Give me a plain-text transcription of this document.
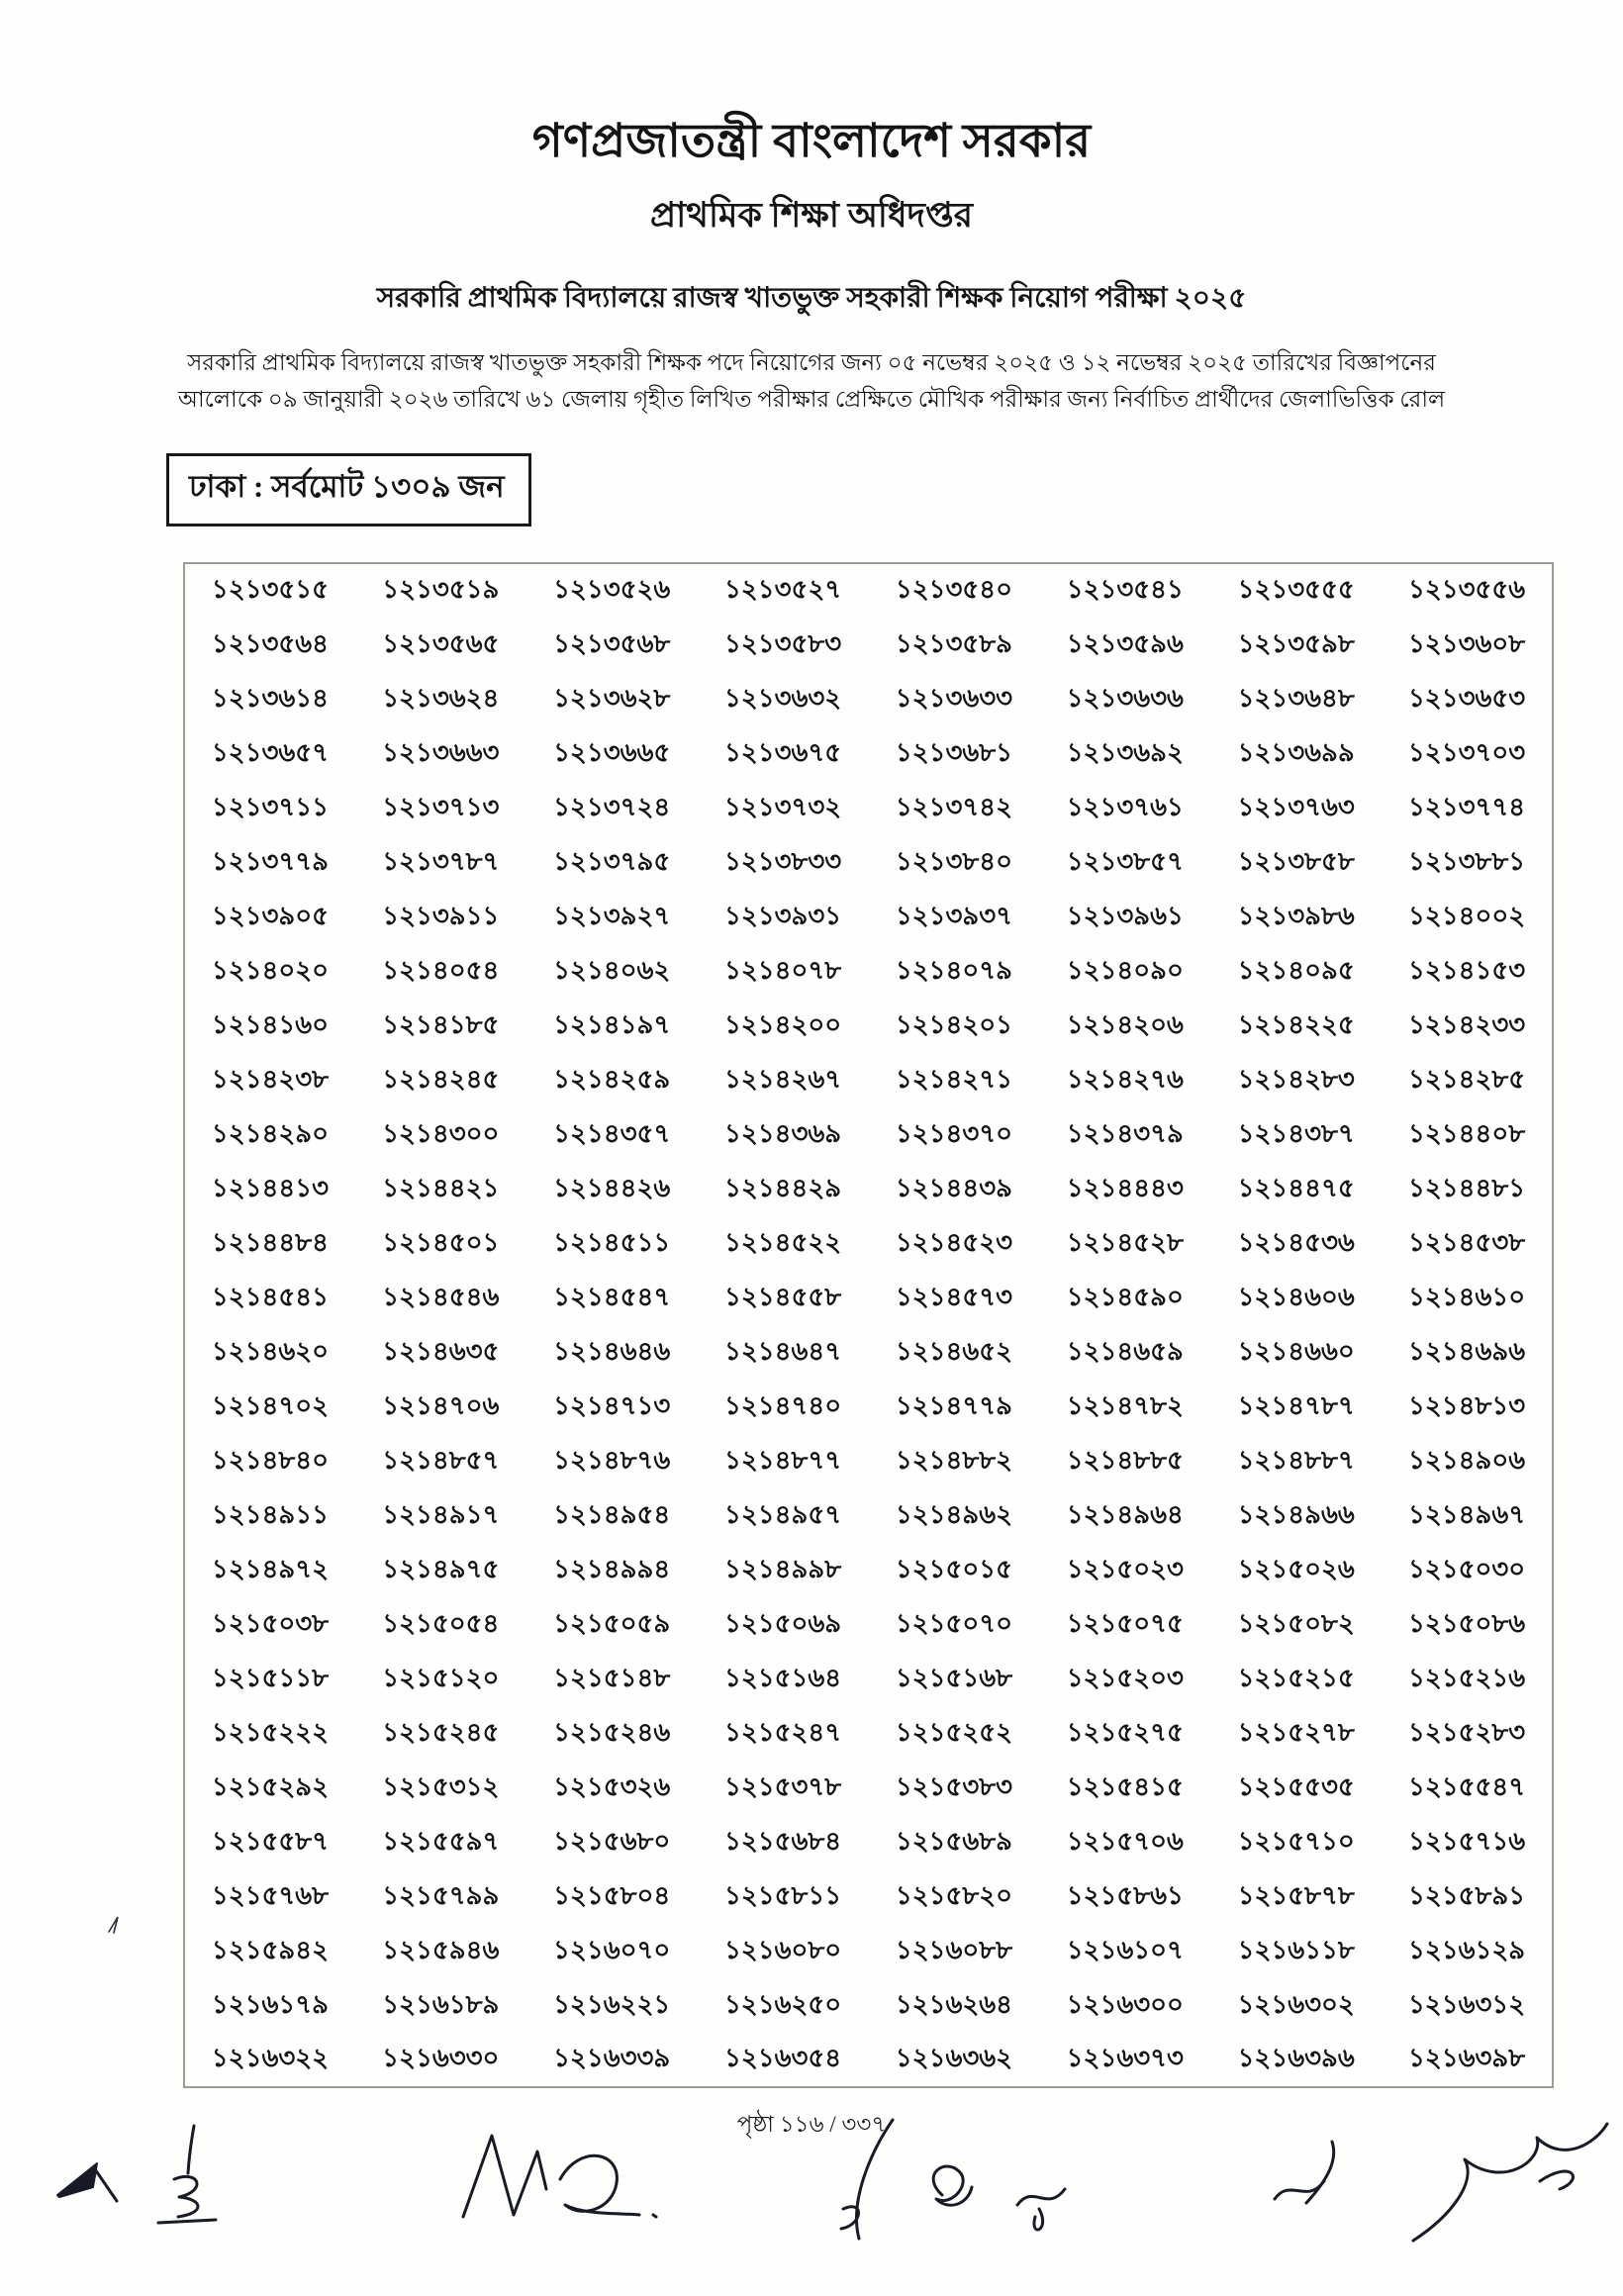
গণপ্রজাতন্ত্রী বাংলাদেশ সরকার
প্রাথমিক শিক্ষা অধিদপ্তর
সরকারি প্রাথমিক বিদ্যালয়ে রাজস্ব খাতভুক্ত সহকারী শিক্ষক নিয়োগ পরীক্ষা ২০২৫

সরকারি প্রাথমিক বিদ্যালয়ে রাজস্ব খাতভুক্ত সহকারী শিক্ষক পদে নিয়োগের জন্য ০৫ নভেম্বর ২০২৫ ও ১২ নভেম্বর ২০২৫ তারিখের বিজ্ঞাপনের
আলোকে ০৯ জানুয়ারী ২০২৬ তারিখে ৬১ জেলায় গৃহীত লিখিত পরীক্ষার প্রেক্ষিতে মৌখিক পরীক্ষার জন্য নির্বাচিত প্রার্থীদের জেলাভিত্তিক রোল

ঢাকা : সর্বমোট ১৩০৯ জন
১২১৩৫১৫	১২১৩৫১৯	১২১৩৫২৬	১২১৩৫২৭	১২১৩৫৪০	১২১৩৫৪১	১২১৩৫৫৫	১২১৩৫৫৬
১২১৩৫৬৪	১২১৩৫৬৫	১২১৩৫৬৮	১২১৩৫৮৩	১২১৩৫৮৯	১২১৩৫৯৬	১২১৩৫৯৮	১২১৩৬০৮
১২১৩৬১৪	১২১৩৬২৪	১২১৩৬২৮	১২১৩৬৩২	১২১৩৬৩৩	১২১৩৬৩৬	১২১৩৬৪৮	১২১৩৬৫৩
১২১৩৬৫৭	১২১৩৬৬৩	১২১৩৬৬৫	১২১৩৬৭৫	১২১৩৬৮১	১২১৩৬৯২	১২১৩৬৯৯	১২১৩৭০৩
১২১৩৭১১	১২১৩৭১৩	১২১৩৭২৪	১২১৩৭৩২	১২১৩৭৪২	১২১৩৭৬১	১২১৩৭৬৩	১২১৩৭৭৪
১২১৩৭৭৯	১২১৩৭৮৭	১২১৩৭৯৫	১২১৩৮৩৩	১২১৩৮৪০	১২১৩৮৫৭	১২১৩৮৫৮	১২১৩৮৮১
১২১৩৯০৫	১২১৩৯১১	১২১৩৯২৭	১২১৩৯৩১	১২১৩৯৩৭	১২১৩৯৬১	১২১৩৯৮৬	১২১৪০০২
১২১৪০২০	১২১৪০৫৪	১২১৪০৬২	১২১৪০৭৮	১২১৪০৭৯	১২১৪০৯০	১২১৪০৯৫	১২১৪১৫৩
১২১৪১৬০	১২১৪১৮৫	১২১৪১৯৭	১২১৪২০০	১২১৪২০১	১২১৪২০৬	১২১৪২২৫	১২১৪২৩৩
১২১৪২৩৮	১২১৪২৪৫	১২১৪২৫৯	১২১৪২৬৭	১২১৪২৭১	১২১৪২৭৬	১২১৪২৮৩	১২১৪২৮৫
১২১৪২৯০	১২১৪৩০০	১২১৪৩৫৭	১২১৪৩৬৯	১২১৪৩৭০	১২১৪৩৭৯	১২১৪৩৮৭	১২১৪৪০৮
১২১৪৪১৩	১২১৪৪২১	১২১৪৪২৬	১২১৪৪২৯	১২১৪৪৩৯	১২১৪৪৪৩	১২১৪৪৭৫	১২১৪৪৮১
১২১৪৪৮৪	১২১৪৫০১	১২১৪৫১১	১২১৪৫২২	১২১৪৫২৩	১২১৪৫২৮	১২১৪৫৩৬	১২১৪৫৩৮
১২১৪৫৪১	১২১৪৫৪৬	১২১৪৫৪৭	১২১৪৫৫৮	১২১৪৫৭৩	১২১৪৫৯০	১২১৪৬০৬	১২১৪৬১০
১২১৪৬২০	১২১৪৬৩৫	১২১৪৬৪৬	১২১৪৬৪৭	১২১৪৬৫২	১২১৪৬৫৯	১২১৪৬৬০	১২১৪৬৯৬
১২১৪৭০২	১২১৪৭০৬	১২১৪৭১৩	১২১৪৭৪০	১২১৪৭৭৯	১২১৪৭৮২	১২১৪৭৮৭	১২১৪৮১৩
১২১৪৮৪০	১২১৪৮৫৭	১২১৪৮৭৬	১২১৪৮৭৭	১২১৪৮৮২	১২১৪৮৮৫	১২১৪৮৮৭	১২১৪৯০৬
১২১৪৯১১	১২১৪৯১৭	১২১৪৯৫৪	১২১৪৯৫৭	১২১৪৯৬২	১২১৪৯৬৪	১২১৪৯৬৬	১২১৪৯৬৭
১২১৪৯৭২	১২১৪৯৭৫	১২১৪৯৯৪	১২১৪৯৯৮	১২১৫০১৫	১২১৫০২৩	১২১৫০২৬	১২১৫০৩০
১২১৫০৩৮	১২১৫০৫৪	১২১৫০৫৯	১২১৫০৬৯	১২১৫০৭০	১২১৫০৭৫	১২১৫০৮২	১২১৫০৮৬
১২১৫১১৮	১২১৫১২০	১২১৫১৪৮	১২১৫১৬৪	১২১৫১৬৮	১২১৫২০৩	১২১৫২১৫	১২১৫২১৬
১২১৫২২২	১২১৫২৪৫	১২১৫২৪৬	১২১৫২৪৭	১২১৫২৫২	১২১৫২৭৫	১২১৫২৭৮	১২১৫২৮৩
১২১৫২৯২	১২১৫৩১২	১২১৫৩২৬	১২১৫৩৭৮	১২১৫৩৮৩	১২১৫৪১৫	১২১৫৫৩৫	১২১৫৫৪৭
১২১৫৫৮৭	১২১৫৫৯৭	১২১৫৬৮০	১২১৫৬৮৪	১২১৫৬৮৯	১২১৫৭০৬	১২১৫৭১০	১২১৫৭১৬
১২১৫৭৬৮	১২১৫৭৯৯	১২১৫৮০৪	১২১৫৮১১	১২১৫৮২০	১২১৫৮৬১	১২১৫৮৭৮	১২১৫৮৯১
১২১৫৯৪২	১২১৫৯৪৬	১২১৬০৭০	১২১৬০৮০	১২১৬০৮৮	১২১৬১০৭	১২১৬১১৮	১২১৬১২৯
১২১৬১৭৯	১২১৬১৮৯	১২১৬২২১	১২১৬২৫০	১২১৬২৬৪	১২১৬৩০০	১২১৬৩০২	১২১৬৩১২
১২১৬৩২২	১২১৬৩৩০	১২১৬৩৩৯	১২১৬৩৫৪	১২১৬৩৬২	১২১৬৩৭৩	১২১৬৩৯৬	১২১৬৩৯৮
পৃষ্ঠা ১১৬ / ৩৩৭
